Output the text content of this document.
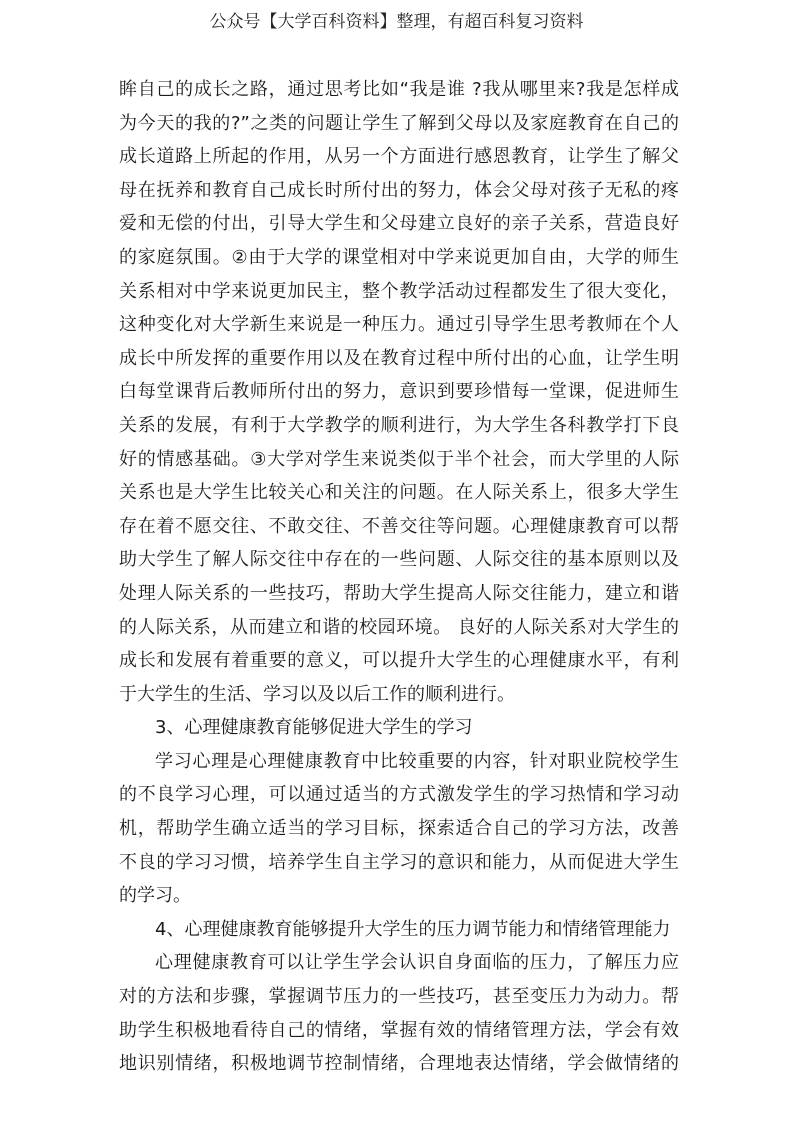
公众号【大学百科资料】整理，有超百科复习资料
眸自己的成长之路，通过思考比如“我是谁 ?我从哪里来?我是怎样成
为今天的我的?”之类的问题让学生了解到父母以及家庭教育在自己的
成长道路上所起的作用，从另一个方面进行感恩教育，让学生了解父
母在抚养和教育自己成长时所付出的努力，体会父母对孩子无私的疼
爱和无偿的付出，引导大学生和父母建立良好的亲子关系，营造良好
的家庭氛围。②由于大学的课堂相对中学来说更加自由，大学的师生
关系相对中学来说更加民主，整个教学活动过程都发生了很大变化，
这种变化对大学新生来说是一种压力。通过引导学生思考教师在个人
成长中所发挥的重要作用以及在教育过程中所付出的心血，让学生明
白每堂课背后教师所付出的努力，意识到要珍惜每一堂课，促进师生
关系的发展，有利于大学教学的顺利进行，为大学生各科教学打下良
好的情感基础。③大学对学生来说类似于半个社会，而大学里的人际
关系也是大学生比较关心和关注的问题。在人际关系上，很多大学生
存在着不愿交往、不敢交往、不善交往等问题。心理健康教育可以帮
助大学生了解人际交往中存在的一些问题、人际交往的基本原则以及
处理人际关系的一些技巧，帮助大学生提高人际交往能力，建立和谐
的人际关系，从而建立和谐的校园环境。 良好的人际关系对大学生的
成长和发展有着重要的意义，可以提升大学生的心理健康水平，有利
于大学生的生活、学习以及以后工作的顺利进行。
3、心理健康教育能够促进大学生的学习
学习心理是心理健康教育中比较重要的内容，针对职业院校学生
的不良学习心理，可以通过适当的方式激发学生的学习热情和学习动
机，帮助学生确立适当的学习目标，探索适合自己的学习方法，改善
不良的学习习惯，培养学生自主学习的意识和能力，从而促进大学生
的学习。
4、心理健康教育能够提升大学生的压力调节能力和情绪管理能力
心理健康教育可以让学生学会认识自身面临的压力，了解压力应
对的方法和步骤，掌握调节压力的一些技巧，甚至变压力为动力。帮
助学生积极地看待自己的情绪，掌握有效的情绪管理方法，学会有效
地识别情绪，积极地调节控制情绪，合理地表达情绪，学会做情绪的
